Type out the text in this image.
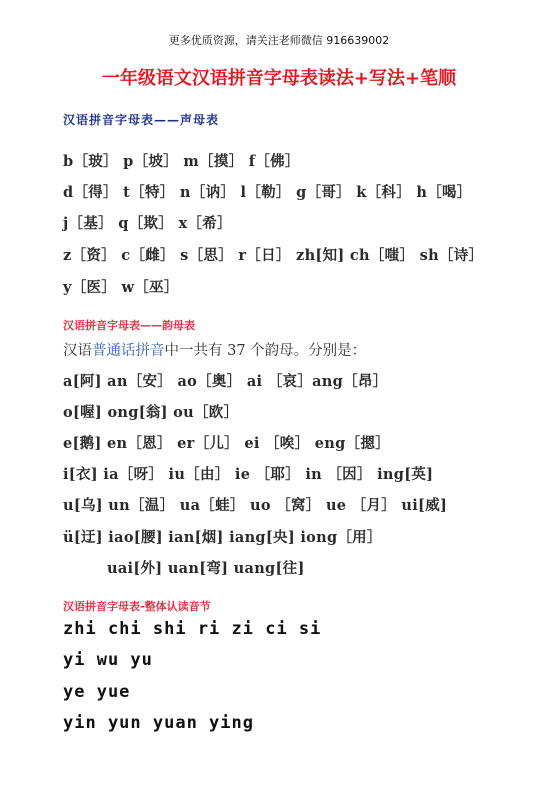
更多优质资源，请关注老师微信 916639002
一年级语文汉语拼音字母表读法+写法+笔顺
汉语拼音字母表——声母表
b［玻］ p［坡］ m［摸］ f［佛］
d［得］ t［特］ n［讷］ l［勒］ g［哥］ k［科］ h［喝］
j［基］ q［欺］ x［希］
z［资］ c［雌］ s［思］ r［日］ zh[知] ch［嗤］ sh［诗］
y［医］ w［巫］
汉语拼音字母表——韵母表
汉语普通话拼音中一共有 37 个韵母。分别是：
a[阿] an［安］ ao［奥］ ai ［哀］ang［昂］
o[喔] ong[翁] ou［欧］
e[鹅] en［恩］ er［儿］ ei ［唉］ eng［摁］
i[衣] ia［呀］ iu［由］ ie ［耶］ in ［因］ ing[英]
u[乌] un［温］ ua［蛙］ uo ［窝］ ue ［月］ ui[威]
ü[迂] iao[腰] ian[烟] iang[央] iong［用］
uai[外] uan[弯] uang[往]
汉语拼音字母表-整体认读音节
zhi chi shi ri zi ci si
yi wu yu
ye yue
yin yun yuan ying
